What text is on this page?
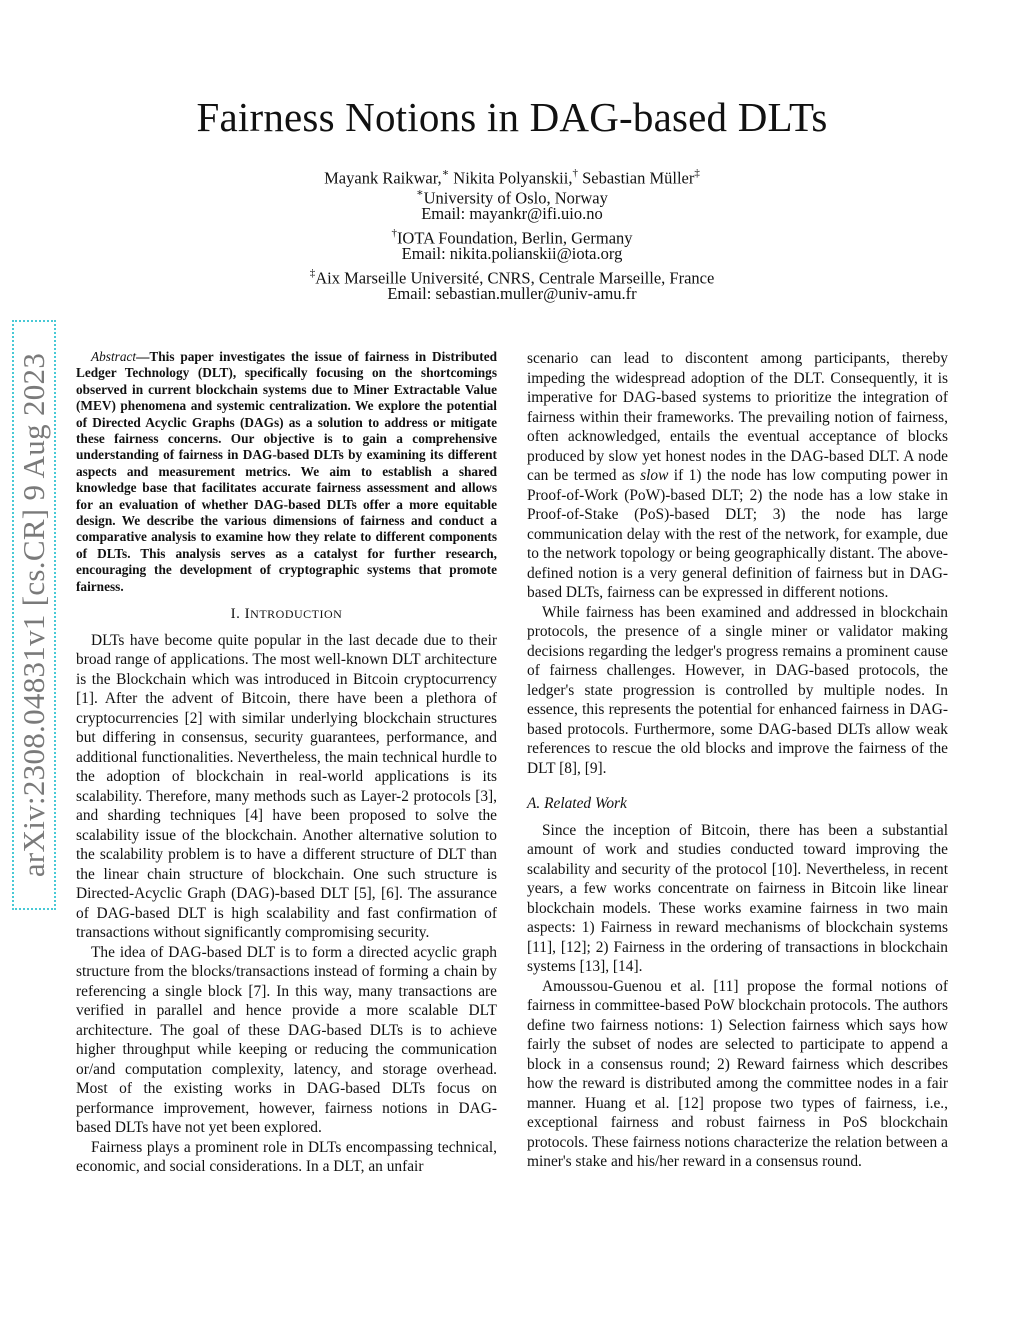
arXiv:2308.04831v1 [cs.CR] 9 Aug 2023
Fairness Notions in DAG-based DLTs
Mayank Raikwar,∗ Nikita Polyanskii,† Sebastian Müller‡
∗University of Oslo, Norway
Email: mayankr@ifi.uio.no
†IOTA Foundation, Berlin, Germany
Email: nikita.polianskii@iota.org
‡Aix Marseille Université, CNRS, Centrale Marseille, France
Email: sebastian.muller@univ-amu.fr

Abstract—This paper investigates the issue of fairness in Distributed Ledger Technology (DLT), specifically focusing on the shortcomings observed in current blockchain systems due to Miner Extractable Value (MEV) phenomena and systemic centralization. We explore the potential of Directed Acyclic Graphs (DAGs) as a solution to address or mitigate these fairness concerns. Our objective is to gain a comprehensive understanding of fairness in DAG-based DLTs by examining its different aspects and measurement metrics. We aim to establish a shared knowledge base that facilitates accurate fairness assessment and allows for an evaluation of whether DAG-based DLTs offer a more equitable design. We describe the various dimensions of fairness and conduct a comparative analysis to examine how they relate to different components of DLTs. This analysis serves as a catalyst for further research, encouraging the development of cryptographic systems that promote fairness.

I. INTRODUCTION

DLTs have become quite popular in the last decade due to their broad range of applications. The most well-known DLT architecture is the Blockchain which was introduced in Bitcoin cryptocurrency [1]. After the advent of Bitcoin, there have been a plethora of cryptocurrencies [2] with similar underlying blockchain structures but differing in consensus, security guarantees, performance, and additional functionalities. Nevertheless, the main technical hurdle to the adoption of blockchain in real-world applications is its scalability. Therefore, many methods such as Layer-2 protocols [3], and sharding techniques [4] have been proposed to solve the scalability issue of the blockchain. Another alternative solution to the scalability problem is to have a different structure of DLT than the linear chain structure of blockchain. One such structure is Directed-Acyclic Graph (DAG)-based DLT [5], [6]. The assurance of DAG-based DLT is high scalability and fast confirmation of transactions without significantly compromising security.

The idea of DAG-based DLT is to form a directed acyclic graph structure from the blocks/transactions instead of forming a chain by referencing a single block [7]. In this way, many transactions are verified in parallel and hence provide a more scalable DLT architecture. The goal of these DAG-based DLTs is to achieve higher throughput while keeping or reducing the communication or/and computation complexity, latency, and storage overhead. Most of the existing works in DAG-based DLTs focus on performance improvement, however, fairness notions in DAG-based DLTs have not yet been explored.

Fairness plays a prominent role in DLTs encompassing technical, economic, and social considerations. In a DLT, an unfair

scenario can lead to discontent among participants, thereby impeding the widespread adoption of the DLT. Consequently, it is imperative for DAG-based systems to prioritize the integration of fairness within their frameworks. The prevailing notion of fairness, often acknowledged, entails the eventual acceptance of blocks produced by slow yet honest nodes in the DAG-based DLT. A node can be termed as slow if 1) the node has low computing power in Proof-of-Work (PoW)-based DLT; 2) the node has a low stake in Proof-of-Stake (PoS)-based DLT; 3) the node has large communication delay with the rest of the network, for example, due to the network topology or being geographically distant. The above-defined notion is a very general definition of fairness but in DAG-based DLTs, fairness can be expressed in different notions.

While fairness has been examined and addressed in blockchain protocols, the presence of a single miner or validator making decisions regarding the ledger's progress remains a prominent cause of fairness challenges. However, in DAG-based protocols, the ledger's state progression is controlled by multiple nodes. In essence, this represents the potential for enhanced fairness in DAG-based protocols. Furthermore, some DAG-based DLTs allow weak references to rescue the old blocks and improve the fairness of the DLT [8], [9].

A. Related Work

Since the inception of Bitcoin, there has been a substantial amount of work and studies conducted toward improving the scalability and security of the protocol [10]. Nevertheless, in recent years, a few works concentrate on fairness in Bitcoin like linear blockchain models. These works examine fairness in two main aspects: 1) Fairness in reward mechanisms of blockchain systems [11], [12]; 2) Fairness in the ordering of transactions in blockchain systems [13], [14].

Amoussou-Guenou et al. [11] propose the formal notions of fairness in committee-based PoW blockchain protocols. The authors define two fairness notions: 1) Selection fairness which says how fairly the subset of nodes are selected to participate to append a block in a consensus round; 2) Reward fairness which describes how the reward is distributed among the committee nodes in a fair manner. Huang et al. [12] propose two types of fairness, i.e., exceptional fairness and robust fairness in PoS blockchain protocols. These fairness notions characterize the relation between a miner's stake and his/her reward in a consensus round.
